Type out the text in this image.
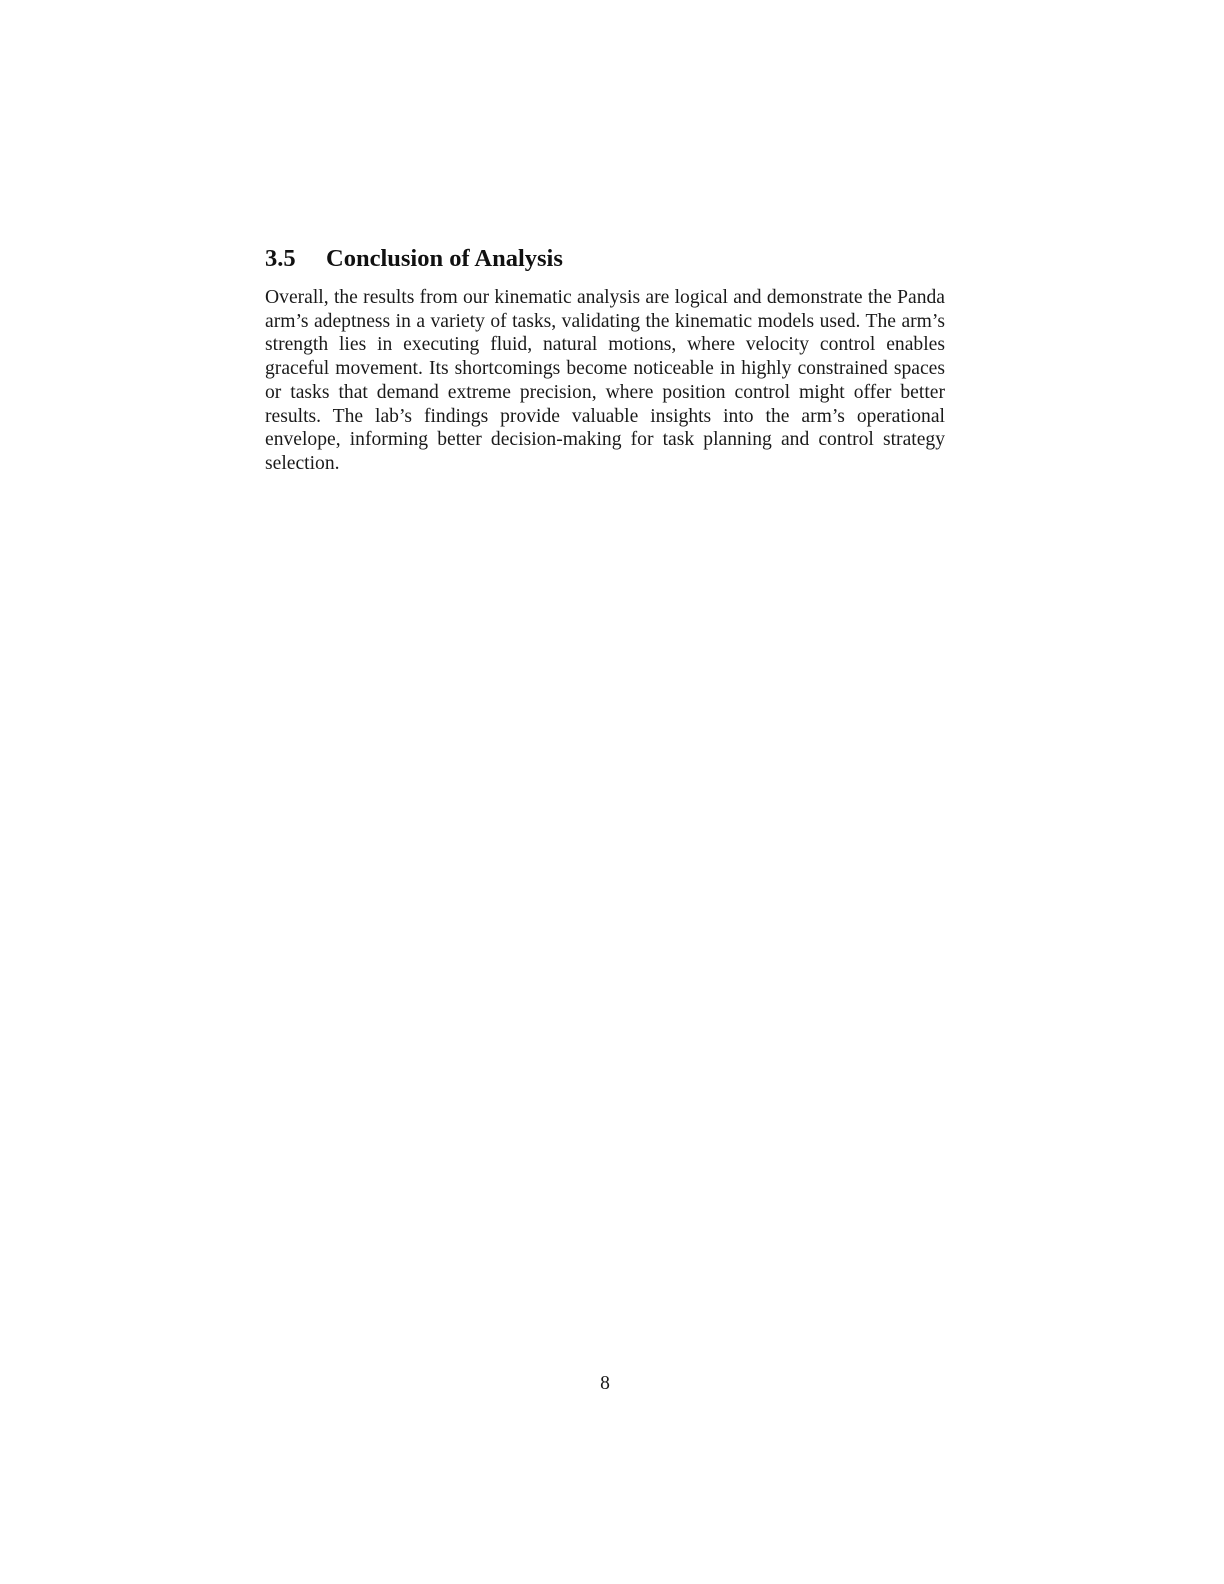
3.5 Conclusion of Analysis

Overall, the results from our kinematic analysis are logical and demonstrate the Panda arm’s adeptness in a variety of tasks, validating the kinematic models used. The arm’s strength lies in executing fluid, natural motions, where velocity control enables graceful movement. Its shortcomings become noticeable in highly constrained spaces or tasks that demand extreme precision, where position control might offer better results. The lab’s findings provide valuable insights into the arm’s operational envelope, informing better decision-making for task planning and control strategy selection.

8
